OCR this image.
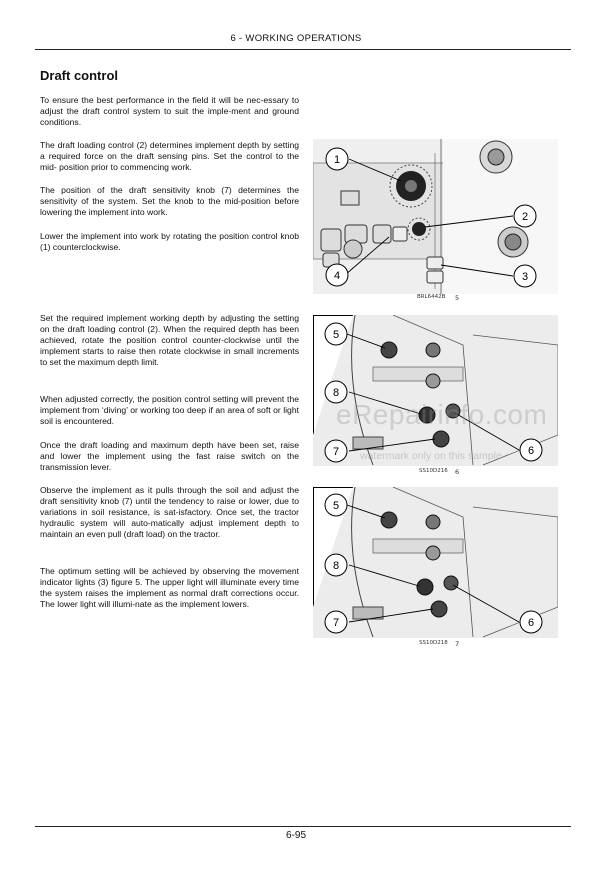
6 - WORKING OPERATIONS
Draft control

To ensure the best performance in the field it will be nec-essary to adjust the draft control system to suit the imple-ment and ground conditions.

The draft loading control (2) determines implement depth by setting a required force on the draft sensing pins. Set the control to the mid- position prior to commencing work.

The position of the draft sensitivity knob (7) determines the sensitivity of the system. Set the knob to the mid-position before lowering the implement into work.

Lower the implement into work by rotating the position control knob (1) counterclockwise.

Set the required implement working depth by adjusting the setting on the draft loading control (2). When the required depth has been achieved, rotate the position control counter-clockwise until the implement starts to raise then rotate clockwise in small increments to set the maximum depth limit.

When adjusted correctly, the position control setting will prevent the implement from ‘diving’ or working too deep if an area of soft or light soil is encountered.

Once the draft loading and maximum depth have been set, raise and lower the implement using the fast raise switch on the transmission lever.

Observe the implement as it pulls through the soil and adjust the draft sensitivity knob (7) until the tendency to raise or lower, due to variations in soil resistance, is sat-isfactory. Once set, the tractor hydraulic system will auto-matically adjust implement depth to maintain an even pull (draft load) on the tractor.

The optimum setting will be achieved by observing the movement indicator lights (3) figure 5. The upper light will illuminate every time the system raises the implement as normal draft corrections occur. The lower light will illumi-nate as the implement lowers.

1
2
4	3
BRL6442B 5
5
8
7	6
SS10D216 6
5
8
7	6
SS10D218 7
eRepairinfo.com
watermark only on this sample
6-95
